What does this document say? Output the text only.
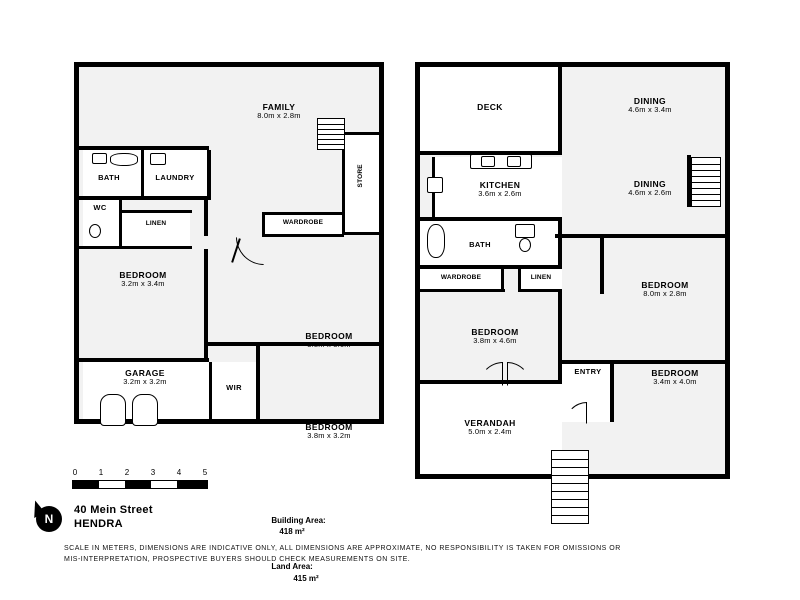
FAMILY
8.0m x 2.8m
BATH	LAUNDRY
WC
LINEN
STORE
WARDROBE
BEDROOM
3.2m x 3.4m
BEDROOM
BEDROOM
3.8m x 3.2m
GARAGE
3.2m x 3.2m
WIR
DECK
DINING
4.6m x 3.4m
DINING
4.6m x 2.6m
KITCHEN
3.6m x 2.6m
BATH
WARDROBE	LINEN
BEDROOM
8.0m x 2.8m
BEDROOM
3.8m x 4.6m
ENTRY	BEDROOM
3.4m x 4.0m
VERANDAH
5.0m x 2.4m
0	1	2	3	4	5
N
40 Mein Street
HENDRA	Building Area:
418 m²

Land Area:
415 m²

SCALE IN METERS, DIMENSIONS ARE INDICATIVE ONLY, ALL DIMENSIONS ARE APPROXIMATE, NO RESPONSIBILITY IS TAKEN FOR OMISSIONS OR
MIS-INTERPRETATION, PROSPECTIVE BUYERS SHOULD CHECK MEASUREMENTS ON SITE.
